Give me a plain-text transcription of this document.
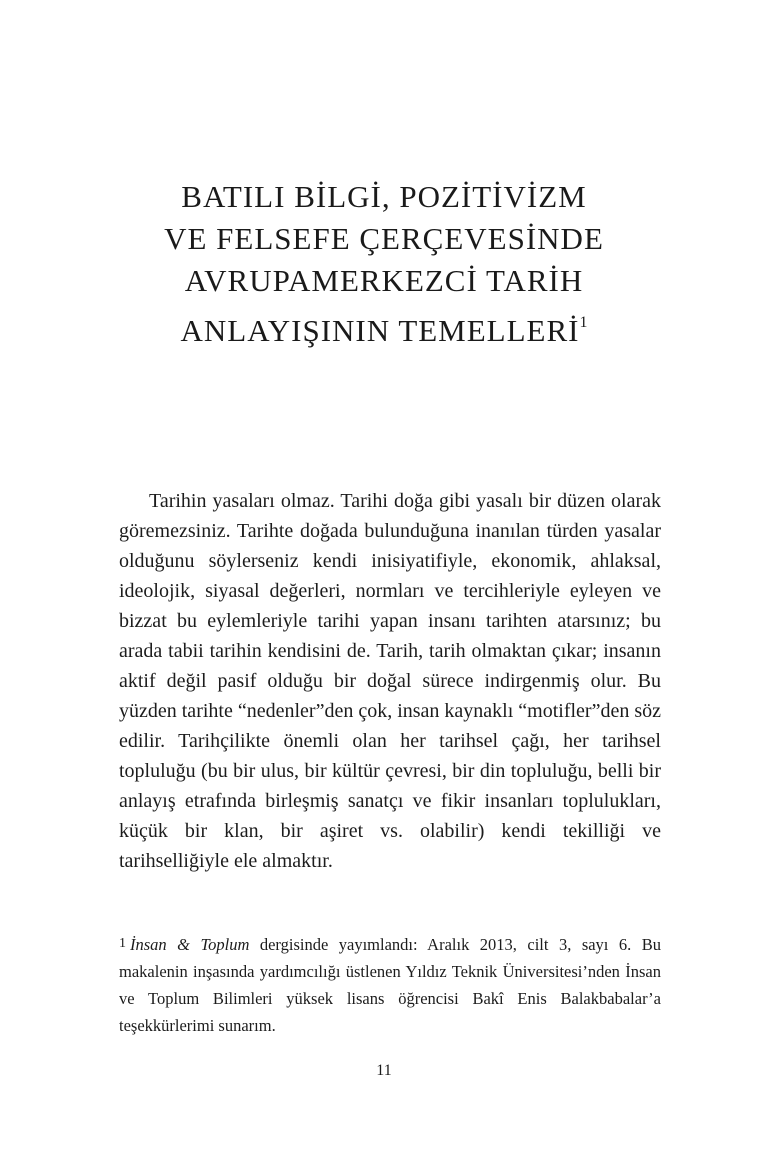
BATILI BİLGİ, POZİTİVİZM
VE FELSEFE ÇERÇEVESİNDE
AVRUPAMERKEZCİ TARİH
ANLAYIŞININ TEMELLERİ$^1$

Tarihin yasaları olmaz. Tarihi doğa gibi yasalı bir düzen olarak göremezsiniz. Tarihte doğada bulunduğuna inanılan türden yasalar olduğunu söylerseniz kendi inisiyatifiyle, ekonomik, ahlaksal, ideolojik, siyasal değerleri, normları ve tercihleriyle eyleyen ve bizzat bu eylemleriyle tarihi yapan insanı tarihten atarsınız; bu arada tabii tarihin kendisini de. Tarih, tarih olmaktan çıkar; insanın aktif değil pasif olduğu bir doğal sürece indirgenmiş olur. Bu yüzden tarihte “nedenler”den çok, insan kaynaklı “motifler”den söz edilir. Tarihçilikte önemli olan her tarihsel çağı, her tarihsel topluluğu (bu bir ulus, bir kültür çevresi, bir din topluluğu, belli bir anlayış etrafında birleşmiş sanatçı ve fikir insanları toplulukları, küçük bir klan, bir aşiret vs. olabilir) kendi tekilliği ve tarihselliğiyle ele almaktır.

1 İnsan & Toplum dergisinde yayımlandı: Aralık 2013, cilt 3, sayı 6. Bu makalenin inşasında yardımcılığı üstlenen Yıldız Teknik Üniversitesi’nden İnsan ve Toplum Bilimleri yüksek lisans öğrencisi Bakî Enis Balakbabalar’a teşekkürlerimi sunarım.

11
